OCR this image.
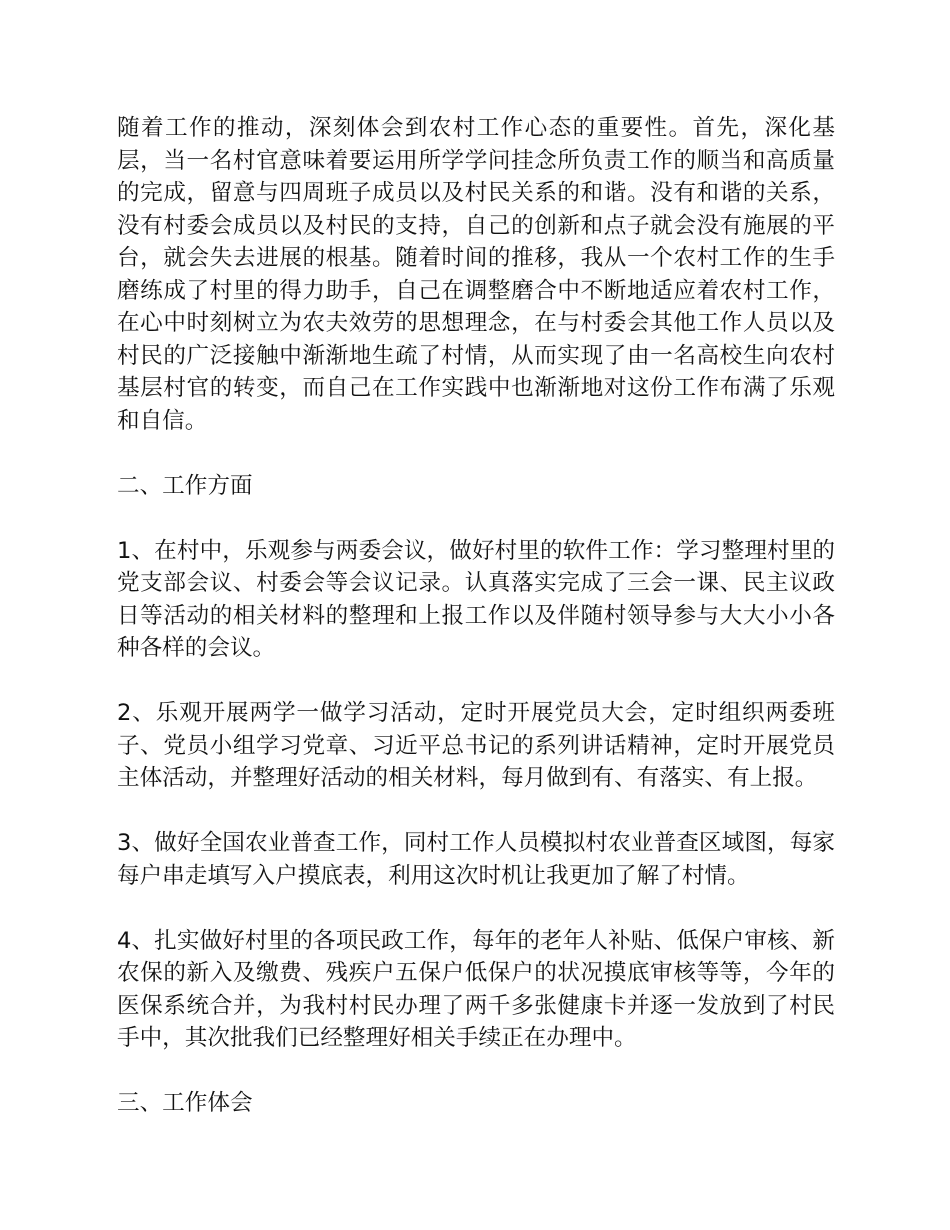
随着工作的推动，深刻体会到农村工作心态的重要性。首先，深化基层，当一名村官意味着要运用所学学问挂念所负责工作的顺当和高质量的完成，留意与四周班子成员以及村民关系的和谐。没有和谐的关系，没有村委会成员以及村民的支持，自己的创新和点子就会没有施展的平台，就会失去进展的根基。随着时间的推移，我从一个农村工作的生手磨练成了村里的得力助手，自己在调整磨合中不断地适应着农村工作，在心中时刻树立为农夫效劳的思想理念，在与村委会其他工作人员以及村民的广泛接触中渐渐地生疏了村情，从而实现了由一名高校生向农村基层村官的转变，而自己在工作实践中也渐渐地对这份工作布满了乐观和自信。

二、工作方面

1、在村中，乐观参与两委会议，做好村里的软件工作：学习整理村里的党支部会议、村委会等会议记录。认真落实完成了三会一课、民主议政日等活动的相关材料的整理和上报工作以及伴随村领导参与大大小小各种各样的会议。

2、乐观开展两学一做学习活动，定时开展党员大会，定时组织两委班子、党员小组学习党章、习近平总书记的系列讲话精神，定时开展党员主体活动，并整理好活动的相关材料，每月做到有、有落实、有上报。

3、做好全国农业普查工作，同村工作人员模拟村农业普查区域图，每家每户串走填写入户摸底表，利用这次时机让我更加了解了村情。

4、扎实做好村里的各项民政工作，每年的老年人补贴、低保户审核、新农保的新入及缴费、残疾户五保户低保户的状况摸底审核等等，今年的医保系统合并，为我村村民办理了两千多张健康卡并逐一发放到了村民手中，其次批我们已经整理好相关手续正在办理中。

三、工作体会
